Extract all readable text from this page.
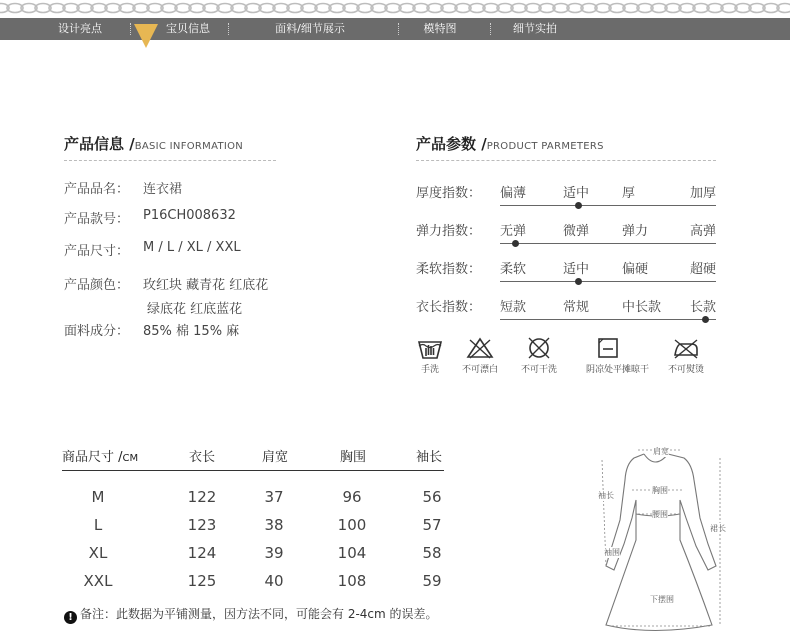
设计亮点	宝贝信息	面料/细节展示	模特图	细节实拍
产品信息 /BASIC INFORMATION
产品品名： 连衣裙
产品款号： P16CH008632
产品尺寸： M / L / XL / XXL
产品颜色： 玫红块 藏青花 红底花
绿底花 红底蓝花
面料成分： 85% 棉 15% 麻
产品参数 /PRODUCT PARMETERS
厚度指数： 偏薄	适中	厚	加厚
弹力指数： 无弹	微弹	弹力	高弹
柔软指数： 柔软	适中	偏硬	超硬
衣长指数： 短款	常规	中长款 长款
手洗	不可漂白	不可干洗	阴凉处平摊晾干	不可熨烫
商品尺寸 /CM	衣长	肩宽	胸围	袖长
M	122	37	96	56
L	123	38	100	57
XL	124	39	104	58
XXL	125	40	108	59
! 备注：此数据为平铺测量，因方法不同，可能会有 2-4cm 的误差。
肩宽
袖长
胸围
腰围
裙长
袖围
下摆围
